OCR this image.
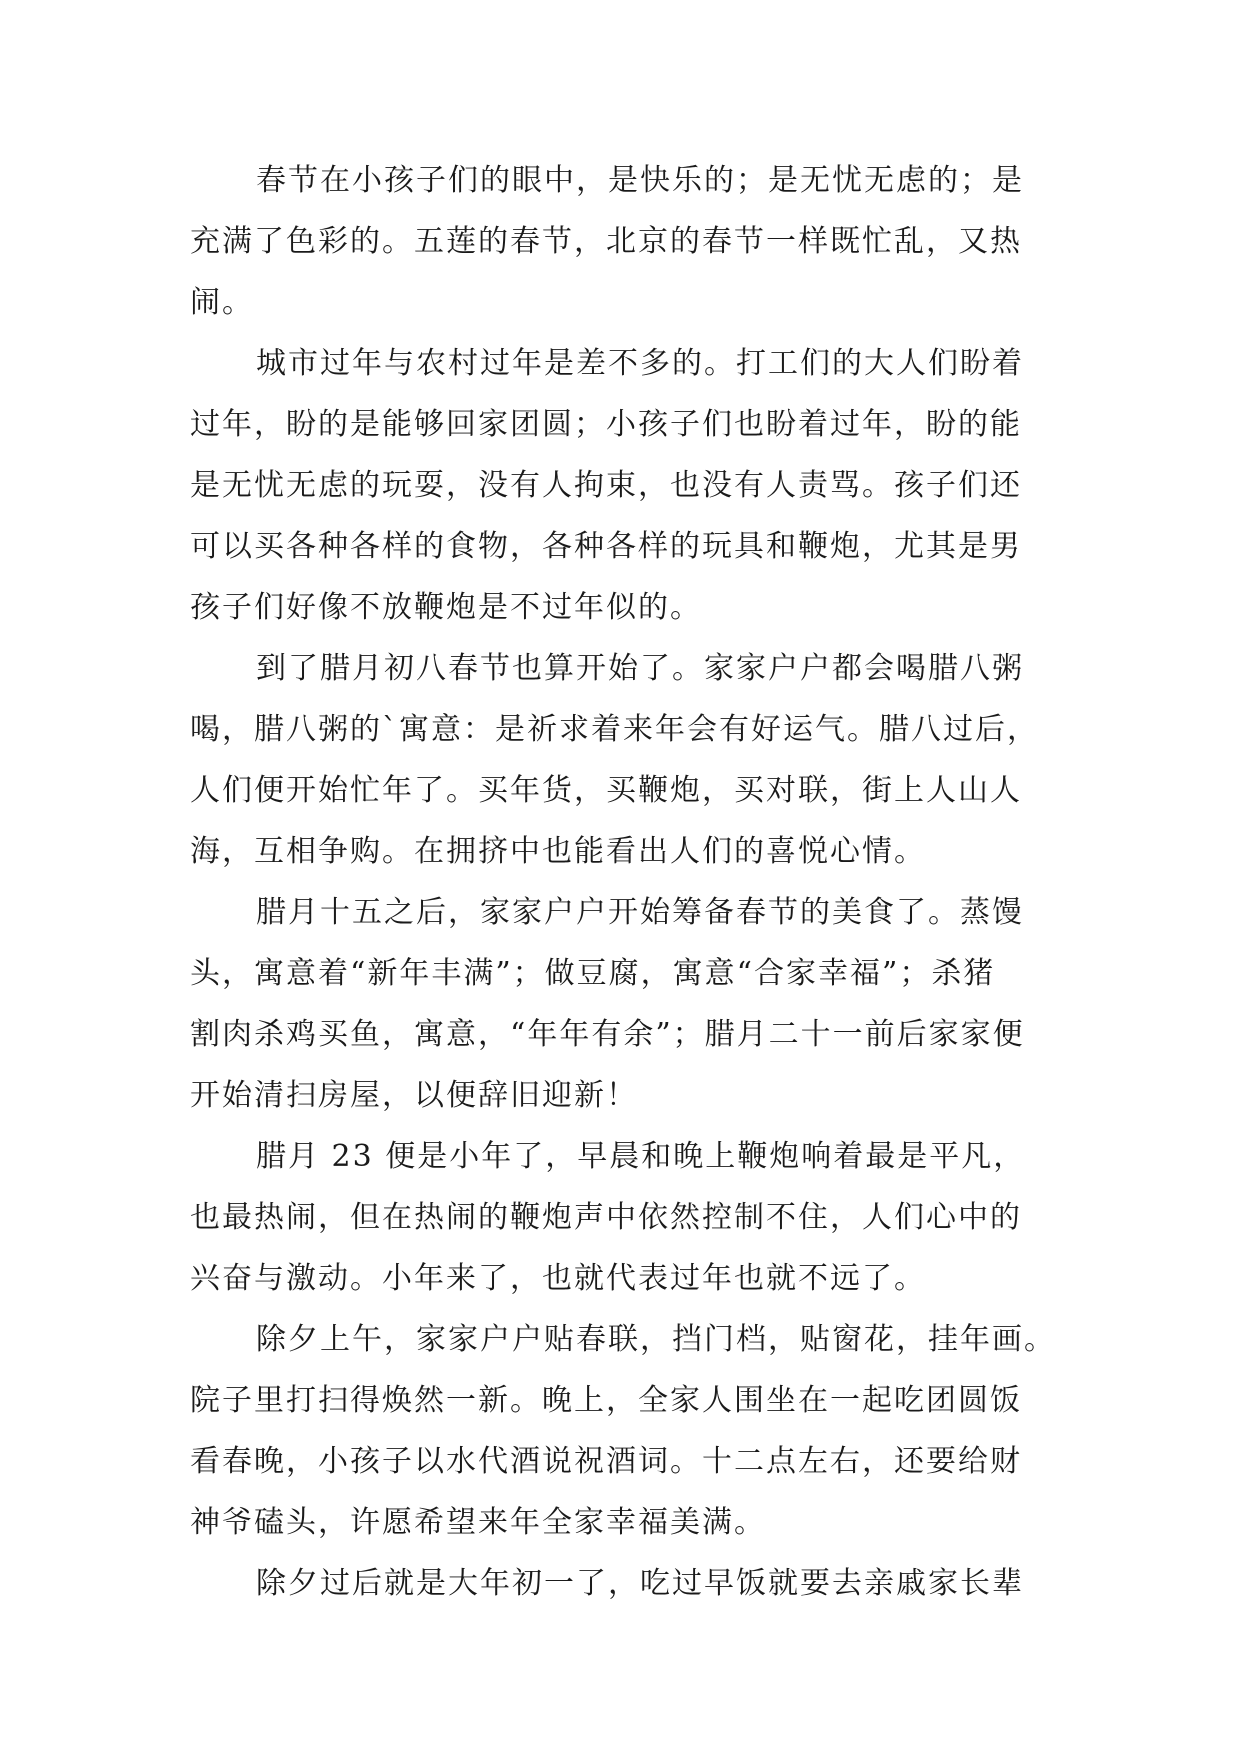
春节在小孩子们的眼中，是快乐的；是无忧无虑的；是
充满了色彩的。五莲的春节，北京的春节一样既忙乱，又热
闹。
城市过年与农村过年是差不多的。打工们的大人们盼着
过年，盼的是能够回家团圆；小孩子们也盼着过年，盼的能
是无忧无虑的玩耍，没有人拘束，也没有人责骂。孩子们还
可以买各种各样的食物，各种各样的玩具和鞭炮，尤其是男
孩子们好像不放鞭炮是不过年似的。
到了腊月初八春节也算开始了。家家户户都会喝腊八粥
喝，腊八粥的`寓意：是祈求着来年会有好运气。腊八过后，
人们便开始忙年了。买年货，买鞭炮，买对联，街上人山人
海，互相争购。在拥挤中也能看出人们的喜悦心情。
腊月十五之后，家家户户开始筹备春节的美食了。蒸馒
头，寓意着“新年丰满”；做豆腐，寓意“合家幸福”；杀猪
割肉杀鸡买鱼，寓意，“年年有余”；腊月二十一前后家家便
开始清扫房屋，以便辞旧迎新！
腊月 23 便是小年了，早晨和晚上鞭炮响着最是平凡，
也最热闹，但在热闹的鞭炮声中依然控制不住，人们心中的
兴奋与激动。小年来了，也就代表过年也就不远了。
除夕上午，家家户户贴春联，挡门档，贴窗花，挂年画。
院子里打扫得焕然一新。晚上，全家人围坐在一起吃团圆饭
看春晚，小孩子以水代酒说祝酒词。十二点左右，还要给财
神爷磕头，许愿希望来年全家幸福美满。
除夕过后就是大年初一了，吃过早饭就要去亲戚家长辈
